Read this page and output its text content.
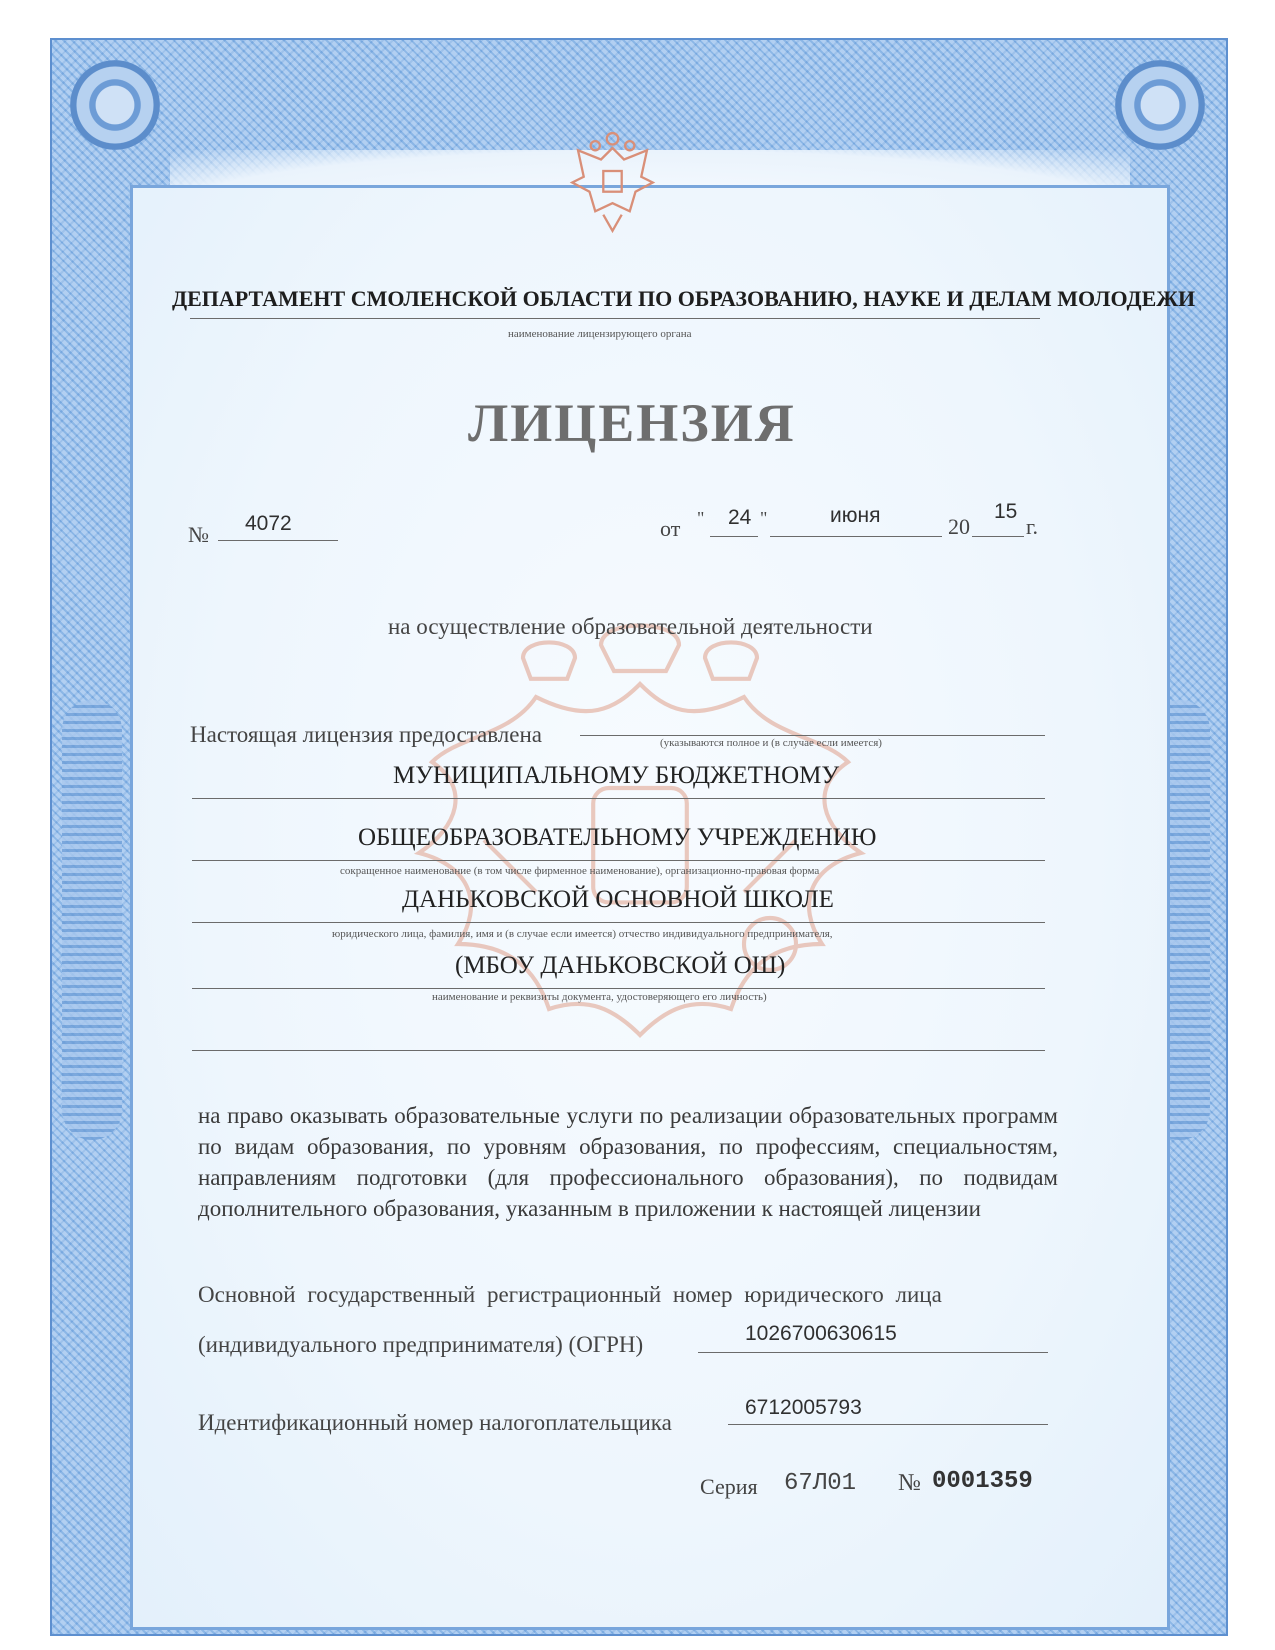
ДЕПАРТАМЕНТ СМОЛЕНСКОЙ ОБЛАСТИ ПО ОБРАЗОВАНИЮ, НАУКЕ И ДЕЛАМ МОЛОДЕЖИ
наименование лицензирующего органа
ЛИЦЕНЗИЯ
№ 4072	от " 24 "	июня	20
15
г.
на осуществление образовательной деятельности
Настоящая лицензия предоставлена	(указываются полное и (в случае если имеется)
МУНИЦИПАЛЬНОМУ БЮДЖЕТНОМУ
ОБЩЕОБРАЗОВАТЕЛЬНОМУ УЧРЕЖДЕНИЮ
сокращенное наименование (в том числе фирменное наименование), организационно-правовая форма
ДАНЬКОВСКОЙ ОСНОВНОЙ ШКОЛЕ
юридического лица, фамилия, имя и (в случае если имеется) отчество индивидуального предпринимателя,
(МБОУ ДАНЬКОВСКОЙ ОШ)
наименование и реквизиты документа, удостоверяющего его личность)
на право оказывать образовательные услуги по реализации образовательных программ по видам образования, по уровням образования, по профессиям, специальностям, направлениям подготовки (для профессионального образования), по подвидам дополнительного образования, указанным в приложении к настоящей лицензии
Основной государственный регистрационный номер юридического лица
(индивидуального предпринимателя) (ОГРН)	1026700630615
Идентификационный номер налогоплательщика
6712005793
Серия 67Л01 № 0001359
